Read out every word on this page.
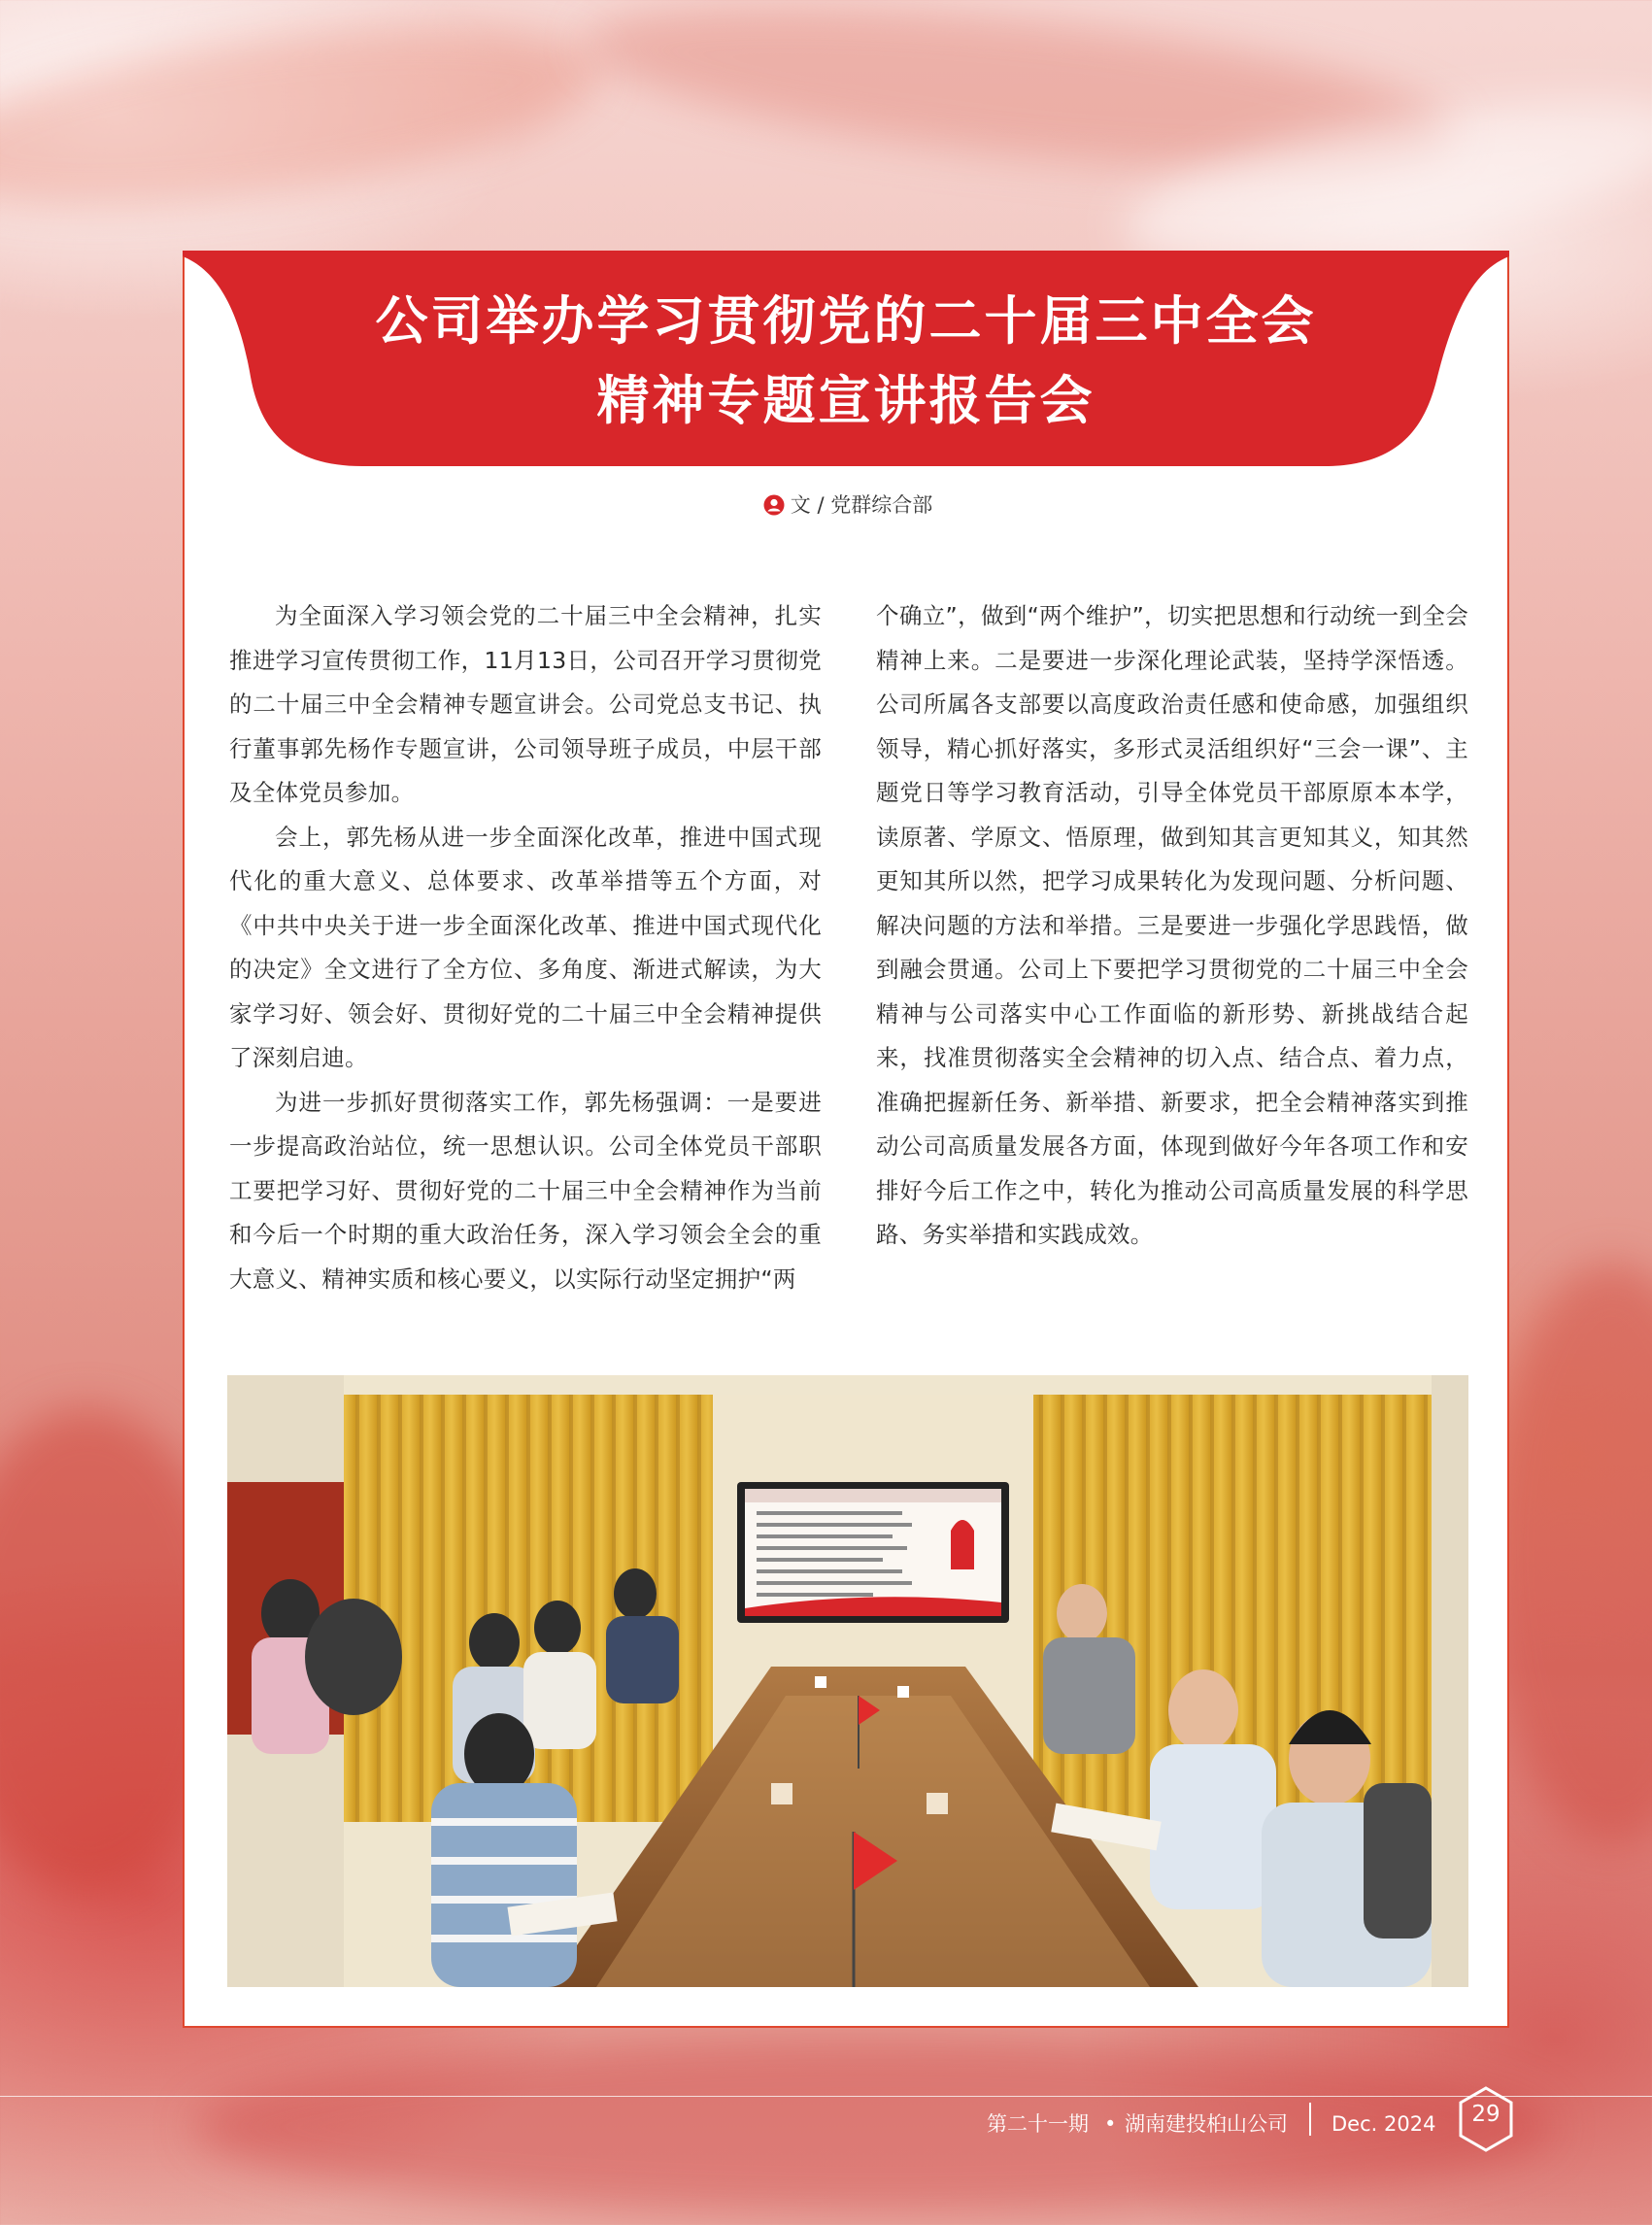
公司举办学习贯彻党的二十届三中全会
精神专题宣讲报告会
文 / 党群综合部

为全面深入学习领会党的二十届三中全会精神，扎实推进学习宣传贯彻工作，11月13日，公司召开学习贯彻党的二十届三中全会精神专题宣讲会。公司党总支书记、执行董事郭先杨作专题宣讲，公司领导班子成员，中层干部及全体党员参加。

会上，郭先杨从进一步全面深化改革，推进中国式现代化的重大意义、总体要求、改革举措等五个方面，对《中共中央关于进一步全面深化改革、推进中国式现代化的决定》全文进行了全方位、多角度、渐进式解读，为大家学习好、领会好、贯彻好党的二十届三中全会精神提供了深刻启迪。

为进一步抓好贯彻落实工作，郭先杨强调：一是要进一步提高政治站位，统一思想认识。公司全体党员干部职工要把学习好、贯彻好党的二十届三中全会精神作为当前和今后一个时期的重大政治任务，深入学习领会全会的重大意义、精神实质和核心要义，以实际行动坚定拥护“两

个确立”，做到“两个维护”，切实把思想和行动统一到全会精神上来。二是要进一步深化理论武装，坚持学深悟透。公司所属各支部要以高度政治责任感和使命感，加强组织领导，精心抓好落实，多形式灵活组织好“三会一课”、主题党日等学习教育活动，引导全体党员干部原原本本学，读原著、学原文、悟原理，做到知其言更知其义，知其然更知其所以然，把学习成果转化为发现问题、分析问题、解决问题的方法和举措。三是要进一步强化学思践悟，做到融会贯通。公司上下要把学习贯彻党的二十届三中全会精神与公司落实中心工作面临的新形势、新挑战结合起来，找准贯彻落实全会精神的切入点、结合点、着力点，准确把握新任务、新举措、新要求，把全会精神落实到推动公司高质量发展各方面，体现到做好今年各项工作和安排好今后工作之中，转化为推动公司高质量发展的科学思路、务实举措和实践成效。

第二十一期 • 湖南建投桕山公司 Dec. 2024	29
